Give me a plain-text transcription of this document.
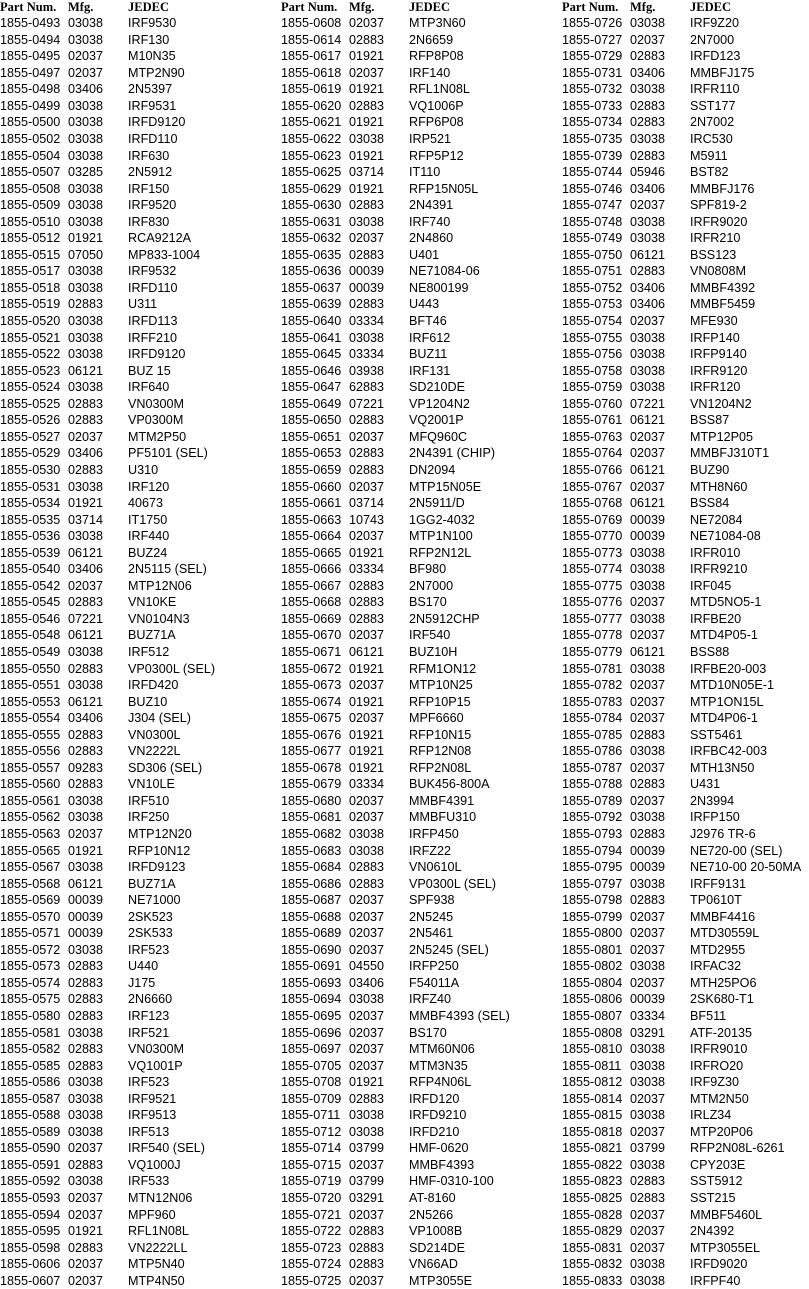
Part Num. Mfg.	JEDEC
1855-0493 03038 IRF9530
1855-0494 03038 IRF130
1855-0495 02037 M10N35
1855-0497 02037 MTP2N90
1855-0498 03406 2N5397
1855-0499 03038 IRF9531
1855-0500 03038 IRFD9120
1855-0502 03038 IRFD110
1855-0504 03038 IRF630
1855-0507 03285 2N5912
1855-0508 03038 IRF150
1855-0509 03038 IRF9520
1855-0510 03038 IRF830
1855-0512 01921 RCA9212A
1855-0515 07050 MP833-1004
1855-0517 03038 IRF9532
1855-0518 03038 IRFD110
1855-0519 02883 U311
1855-0520 03038 IRFD113
1855-0521 03038 IRFF210
1855-0522 03038 IRFD9120
1855-0523 06121 BUZ 15
1855-0524 03038 IRF640
1855-0525 02883 VN0300M
1855-0526 02883 VP0300M
1855-0527 02037 MTM2P50
1855-0529 03406 PF5101 (SEL)
1855-0530 02883 U310
1855-0531 03038 IRF120
1855-0534 01921 40673
1855-0535 03714 IT1750
1855-0536 03038 IRF440
1855-0539 06121 BUZ24
1855-0540 03406 2N5115 (SEL)
1855-0542 02037 MTP12N06
1855-0545 02883 VN10KE
1855-0546 07221 VN0104N3
1855-0548 06121 BUZ71A
1855-0549 03038 IRF512
1855-0550 02883 VP0300L (SEL)
1855-0551 03038 IRFD420
1855-0553 06121 BUZ10
1855-0554 03406 J304 (SEL)
1855-0555 02883 VN0300L
1855-0556 02883 VN2222L
1855-0557 09283 SD306 (SEL)
1855-0560 02883 VN10LE
1855-0561 03038 IRF510
1855-0562 03038 IRF250
1855-0563 02037 MTP12N20
1855-0565 01921 RFP10N12
1855-0567 03038 IRFD9123
1855-0568 06121 BUZ71A
1855-0569 00039 NE71000
1855-0570 00039 2SK523
1855-0571 00039 2SK533
1855-0572 03038 IRF523
1855-0573 02883 U440
1855-0574 02883 J175
1855-0575 02883 2N6660
1855-0580 02883 IRF123
1855-0581 03038 IRF521
1855-0582 02883 VN0300M
1855-0585 02883 VQ1001P
1855-0586 03038 IRF523
1855-0587 03038 IRF9521
1855-0588 03038 IRF9513
1855-0589 03038 IRF513
1855-0590 02037 IRF540 (SEL)
1855-0591 02883 VQ1000J
1855-0592 03038 IRF533
1855-0593 02037 MTN12N06
1855-0594 02037 MPF960
1855-0595 01921 RFL1N08L
1855-0598 02883 VN2222LL
1855-0606 02037 MTP5N40
1855-0607 02037 MTP4N50
Part Num. Mfg.	JEDEC
1855-0608 02037 MTP3N60
1855-0614 02883 2N6659
1855-0617 01921 RFP8P08
1855-0618 02037 IRF140
1855-0619 01921 RFL1N08L
1855-0620 02883 VQ1006P
1855-0621 01921 RFP6P08
1855-0622 03038 IRP521
1855-0623 01921 RFP5P12
1855-0625 03714 IT110
1855-0629 01921 RFP15N05L
1855-0630 02883 2N4391
1855-0631 03038 IRF740
1855-0632 02037 2N4860
1855-0635 02883 U401
1855-0636 00039 NE71084-06
1855-0637 00039 NE800199
1855-0639 02883 U443
1855-0640 03334 BFT46
1855-0641 03038 IRF612
1855-0645 03334 BUZ11
1855-0646 03938 IRF131
1855-0647 62883 SD210DE
1855-0649 07221 VP1204N2
1855-0650 02883 VQ2001P
1855-0651 02037 MFQ960C
1855-0653 02883 2N4391 (CHIP)
1855-0659 02883 DN2094
1855-0660 02037 MTP15N05E
1855-0661 03714 2N5911/D
1855-0663 10743 1GG2-4032
1855-0664 02037 MTP1N100
1855-0665 01921 RFP2N12L
1855-0666 03334 BF980
1855-0667 02883 2N7000
1855-0668 02883 BS170
1855-0669 02883 2N5912CHP
1855-0670 02037 IRF540
1855-0671 06121 BUZ10H
1855-0672 01921 RFM1ON12
1855-0673 02037 MTP10N25
1855-0674 01921 RFP10P15
1855-0675 02037 MPF6660
1855-0676 01921 RFP10N15
1855-0677 01921 RFP12N08
1855-0678 01921 RFP2N08L
1855-0679 03334 BUK456-800A
1855-0680 02037 MMBF4391
1855-0681 02037 MMBFU310
1855-0682 03038 IRFP450
1855-0683 03038 IRFZ22
1855-0684 02883 VN0610L
1855-0686 02883 VP0300L (SEL)
1855-0687 02037 SPF938
1855-0688 02037 2N5245
1855-0689 02037 2N5461
1855-0690 02037 2N5245 (SEL)
1855-0691 04550 IRFP250
1855-0693 03406 F54011A
1855-0694 03038 IRFZ40
1855-0695 02037 MMBF4393 (SEL)
1855-0696 02037 BS170
1855-0697 02037 MTM60N06
1855-0705 02037 MTM3N35
1855-0708 01921 RFP4N06L
1855-0709 02883 IRFD120
1855-0711 03038 IRFD9210
1855-0712 03038 IRFD210
1855-0714 03799 HMF-0620
1855-0715 02037 MMBF4393
1855-0719 03799 HMF-0310-100
1855-0720 03291 AT-8160
1855-0721 02037 2N5266
1855-0722 02883 VP1008B
1855-0723 02883 SD214DE
1855-0724 02883 VN66AD
1855-0725 02037 MTP3055E
Part Num. Mfg.	JEDEC
1855-0726 03038 IRF9Z20
1855-0727 02037 2N7000
1855-0729 02883 IRFD123
1855-0731 03406 MMBFJ175
1855-0732 03038 IRFR110
1855-0733 02883 SST177
1855-0734 02883 2N7002
1855-0735 03038 IRC530
1855-0739 02883 M5911
1855-0744 05946 BST82
1855-0746 03406 MMBFJ176
1855-0747 02037 SPF819-2
1855-0748 03038 IRFR9020
1855-0749 03038 IRFR210
1855-0750 06121 BSS123
1855-0751 02883 VN0808M
1855-0752 03406 MMBF4392
1855-0753 03406 MMBF5459
1855-0754 02037 MFE930
1855-0755 03038 IRFP140
1855-0756 03038 IRFP9140
1855-0758 03038 IRFR9120
1855-0759 03038 IRFR120
1855-0760 07221 VN1204N2
1855-0761 06121 BSS87
1855-0763 02037 MTP12P05
1855-0764 02037 MMBFJ310T1
1855-0766 06121 BUZ90
1855-0767 02037 MTH8N60
1855-0768 06121 BSS84
1855-0769 00039 NE72084
1855-0770 00039 NE71084-08
1855-0773 03038 IRFR010
1855-0774 03038 IRFR9210
1855-0775 03038 IRF045
1855-0776 02037 MTD5NO5-1
1855-0777 03038 IRFBE20
1855-0778 02037 MTD4P05-1
1855-0779 06121 BSS88
1855-0781 03038 IRFBE20-003
1855-0782 02037 MTD10N05E-1
1855-0783 02037 MTP1ON15L
1855-0784 02037 MTD4P06-1
1855-0785 02883 SST5461
1855-0786 03038 IRFBC42-003
1855-0787 02037 MTH13N50
1855-0788 02883 U431
1855-0789 02037 2N3994
1855-0792 03038 IRFP150
1855-0793 02883 J2976 TR-6
1855-0794 00039 NE720-00 (SEL)
1855-0795 00039 NE710-00 20-50MA
1855-0797 03038 IRFF9131
1855-0798 02883 TP0610T
1855-0799 02037 MMBF4416
1855-0800 02037 MTD30559L
1855-0801 02037 MTD2955
1855-0802 03038 IRFAC32
1855-0804 02037 MTH25PO6
1855-0806 00039 2SK680-T1
1855-0807 03334 BF511
1855-0808 03291 ATF-20135
1855-0810 03038 IRFR9010
1855-0811 03038 IRFRO20
1855-0812 03038 IRF9Z30
1855-0814 02037 MTM2N50
1855-0815 03038 IRLZ34
1855-0818 02037 MTP20P06
1855-0821 03799 RFP2N08L-6261
1855-0822 03038 CPY203E
1855-0823 02883 SST5912
1855-0825 02883 SST215
1855-0828 02037 MMBF5460L
1855-0829 02037 2N4392
1855-0831 02037 MTP3055EL
1855-0832 03038 IRFD9020
1855-0833 03038 IRFPF40
